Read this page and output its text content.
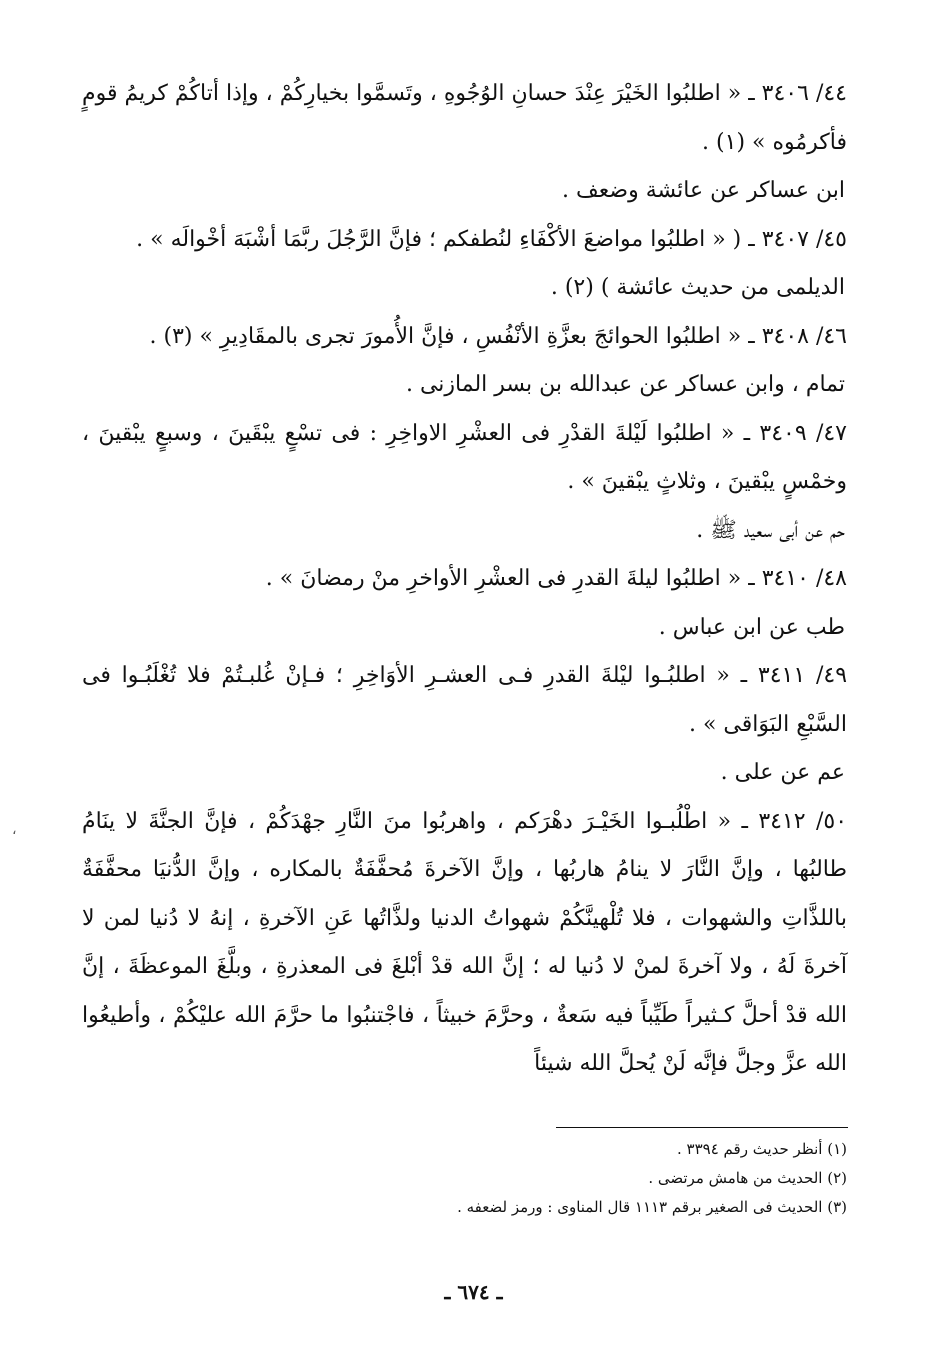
٤٤/ ٣٤٠٦ ـ « اطلبُوا الخَيْرَ عِنْدَ حسانِ الوُجُوهِ ، وتَسمَّوا بخيارِكُمْ ، وإذا أتاكُمْ كريمُ قومٍ فأكرمُوه » (١) .

ابن عساكر عن عائشة وضعف .

٤٥/ ٣٤٠٧ ـ ( « اطلبُوا مواضعَ الأكْفَاءِ لنُطفكم ؛ فإنَّ الرَّجُلَ ربَّمَا أشْبَهَ أخْوالَه » .

الديلمى من حديث عائشة ) (٢) .

٤٦/ ٣٤٠٨ ـ « اطلبُوا الحوائجَ بعزَّةِ الأنْفُسِ ، فإنَّ الأُمورَ تجرى بالمقَادِيرِ » (٣) .

تمام ، وابن عساكر عن عبدالله بن بسر المازنى .

٤٧/ ٣٤٠٩ ـ « اطلبُوا لَيْلةَ القدْرِ فى العشْرِ الاواخِرِ : فى تسْعٍ يبْقَينَ ، وسبعٍ يبْقينَ ، وخمْسٍ يبْقينَ ، وثلاثٍ يبْقينَ » .

حم عن أبى سعيد ﷺ .

٤٨/ ٣٤١٠ ـ « اطلبُوا ليلةَ القدرِ فى العشْرِ الأواخرِ منْ رمضانَ » .

طب عن ابن عباس .

٤٩/ ٣٤١١ ـ « اطلبُـوا ليْلةَ القدرِ فـى العشـرِ الأوَاخِرِ ؛ فـإنْ غُلبـتُمْ فلا تُغْلَبُـوا فى السَّبْعِ البَوَاقى » .

عم عن على .

٥٠/ ٣٤١٢ ـ « اطْلُبـوا الخَيْـرَ دهْرَكم ، واهربُوا منَ النَّارِ جهْدَكُمْ ، فإنَّ الجنَّةَ لا ينَامُ طالبُها ، وإنَّ النَّارَ لا ينامُ هاربُها ، وإنَّ الآخرةَ مُحفَّفَةٌ بالمكاره ، وإنَّ الدُّنيَا محفَّفَةٌ باللذَّاتِ والشهوات ، فلا تُلْهينَّكُمْ شهواتُ الدنيا ولذَّاتُها عَنِ الآخرةِ ، إنهُ لا دُنيا لمن لا آخرةَ لَهُ ، ولا آخرةَ لمنْ لا دُنيا له ؛ إنَّ الله قدْ أبْلغَ فى المعذرةِ ، وبلَّغَ الموعظَةَ ، إنَّ الله قدْ أحلَّ كـثيراً طَيِّباً فيه سَعةٌ ، وحرَّمَ خبيثاً ، فاجْتنبُوا ما حرَّمَ الله عليْكُمْ ، وأطيعُوا الله عزَّ وجلَّ فإنَّه لَنْ يُحلَّ الله شيئاً

(١) أنظر حديث رقم ٣٣٩٤ .

(٢) الحديث من هامش مرتضى .

(٣) الحديث فى الصغير برقم ١١١٣ قال المناوى : ورمز لضعفه .

ـ ٦٧٤ ـ
،
